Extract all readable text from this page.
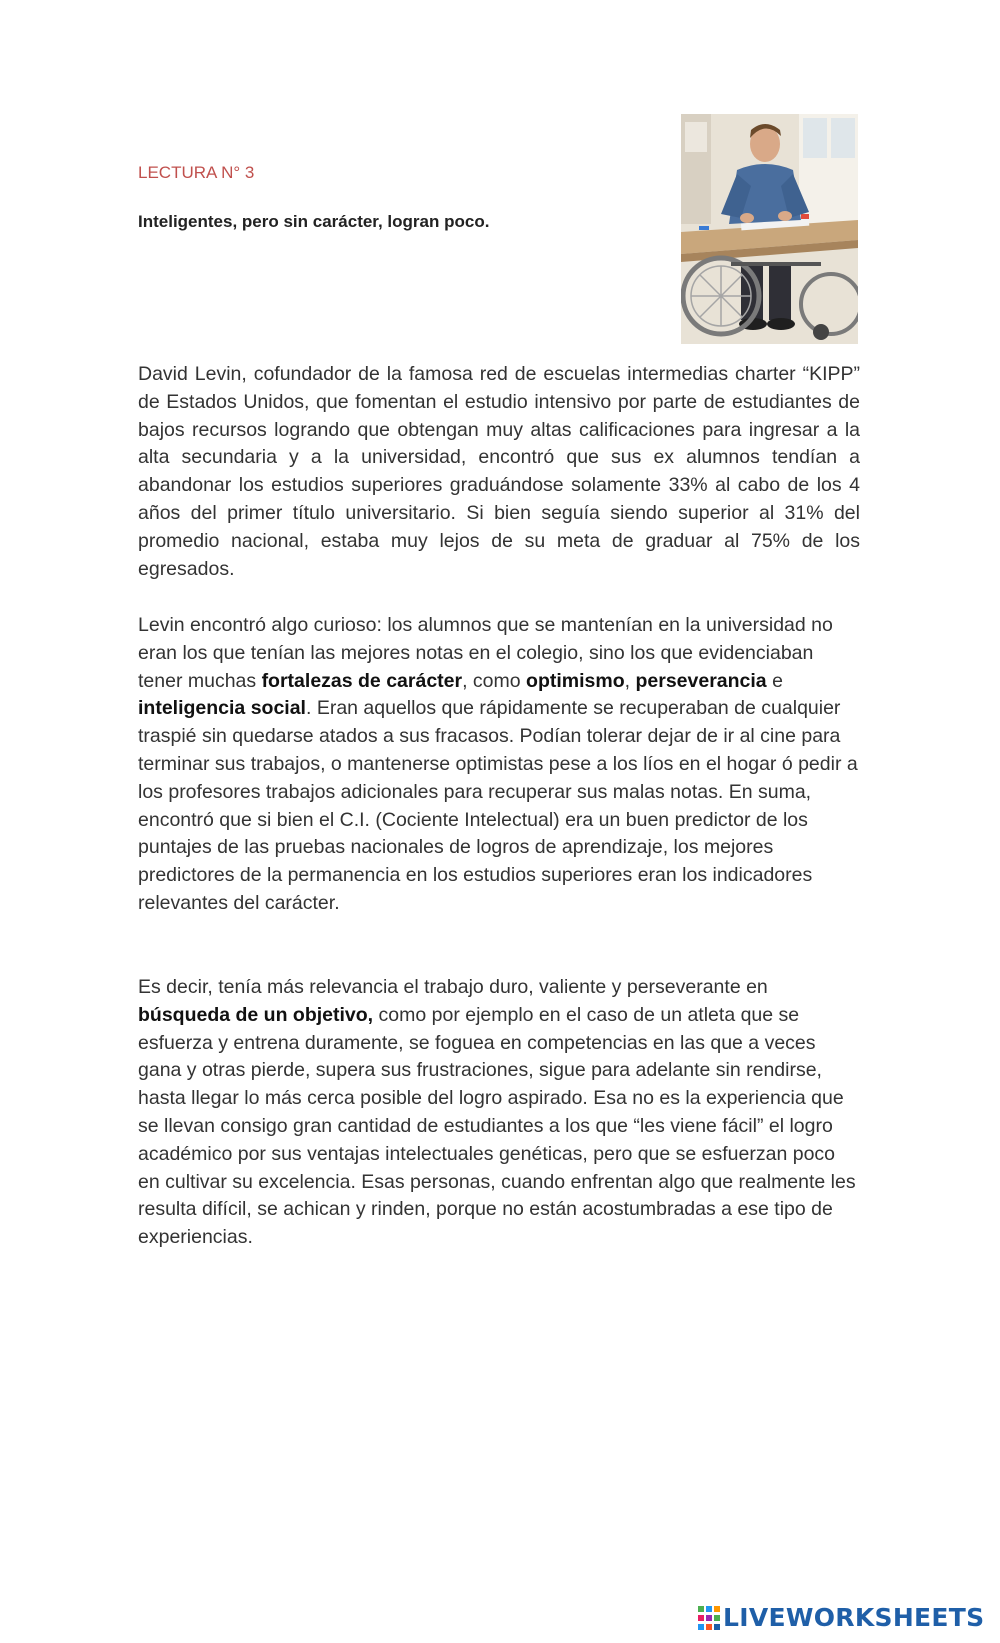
LECTURA N° 3
Inteligentes, pero sin carácter, logran poco.
David Levin, cofundador de la famosa red de escuelas intermedias charter “KIPP” de Estados Unidos, que fomentan el estudio intensivo por parte de estudiantes de bajos recursos logrando que obtengan muy altas calificaciones para ingresar a la alta secundaria y a la universidad, encontró que sus ex alumnos tendían a abandonar los estudios superiores graduándose solamente 33% al cabo de los 4 años del primer título universitario. Si bien seguía siendo superior al 31% del promedio nacional, estaba muy lejos de su meta de graduar al 75% de los egresados.
Levin encontró algo curioso: los alumnos que se mantenían en la universidad no eran los que tenían las mejores notas en el colegio, sino los que evidenciaban tener muchas fortalezas de carácter, como optimismo, perseverancia e inteligencia social. Eran aquellos que rápidamente se recuperaban de cualquier traspié sin quedarse atados a sus fracasos. Podían tolerar dejar de ir al cine para terminar sus trabajos, o mantenerse optimistas pese a los líos en el hogar ó pedir a los profesores trabajos adicionales para recuperar sus malas notas. En suma, encontró que si bien el C.I. (Cociente Intelectual) era un buen predictor de los puntajes de las pruebas nacionales de logros de aprendizaje, los mejores predictores de la permanencia en los estudios superiores eran los indicadores relevantes del carácter.
Es decir, tenía más relevancia el trabajo duro, valiente y perseverante en búsqueda de un objetivo, como por ejemplo en el caso de un atleta que se esfuerza y entrena duramente, se foguea en competencias en las que a veces gana y otras pierde, supera sus frustraciones, sigue para adelante sin rendirse, hasta llegar lo más cerca posible del logro aspirado. Esa no es la experiencia que se llevan consigo gran cantidad de estudiantes a los que “les viene fácil” el logro académico por sus ventajas intelectuales genéticas, pero que se esfuerzan poco en cultivar su excelencia. Esas personas, cuando enfrentan algo que realmente les resulta difícil, se achican y rinden, porque no están acostumbradas a ese tipo de experiencias.
LIVEWORKSHEETS
